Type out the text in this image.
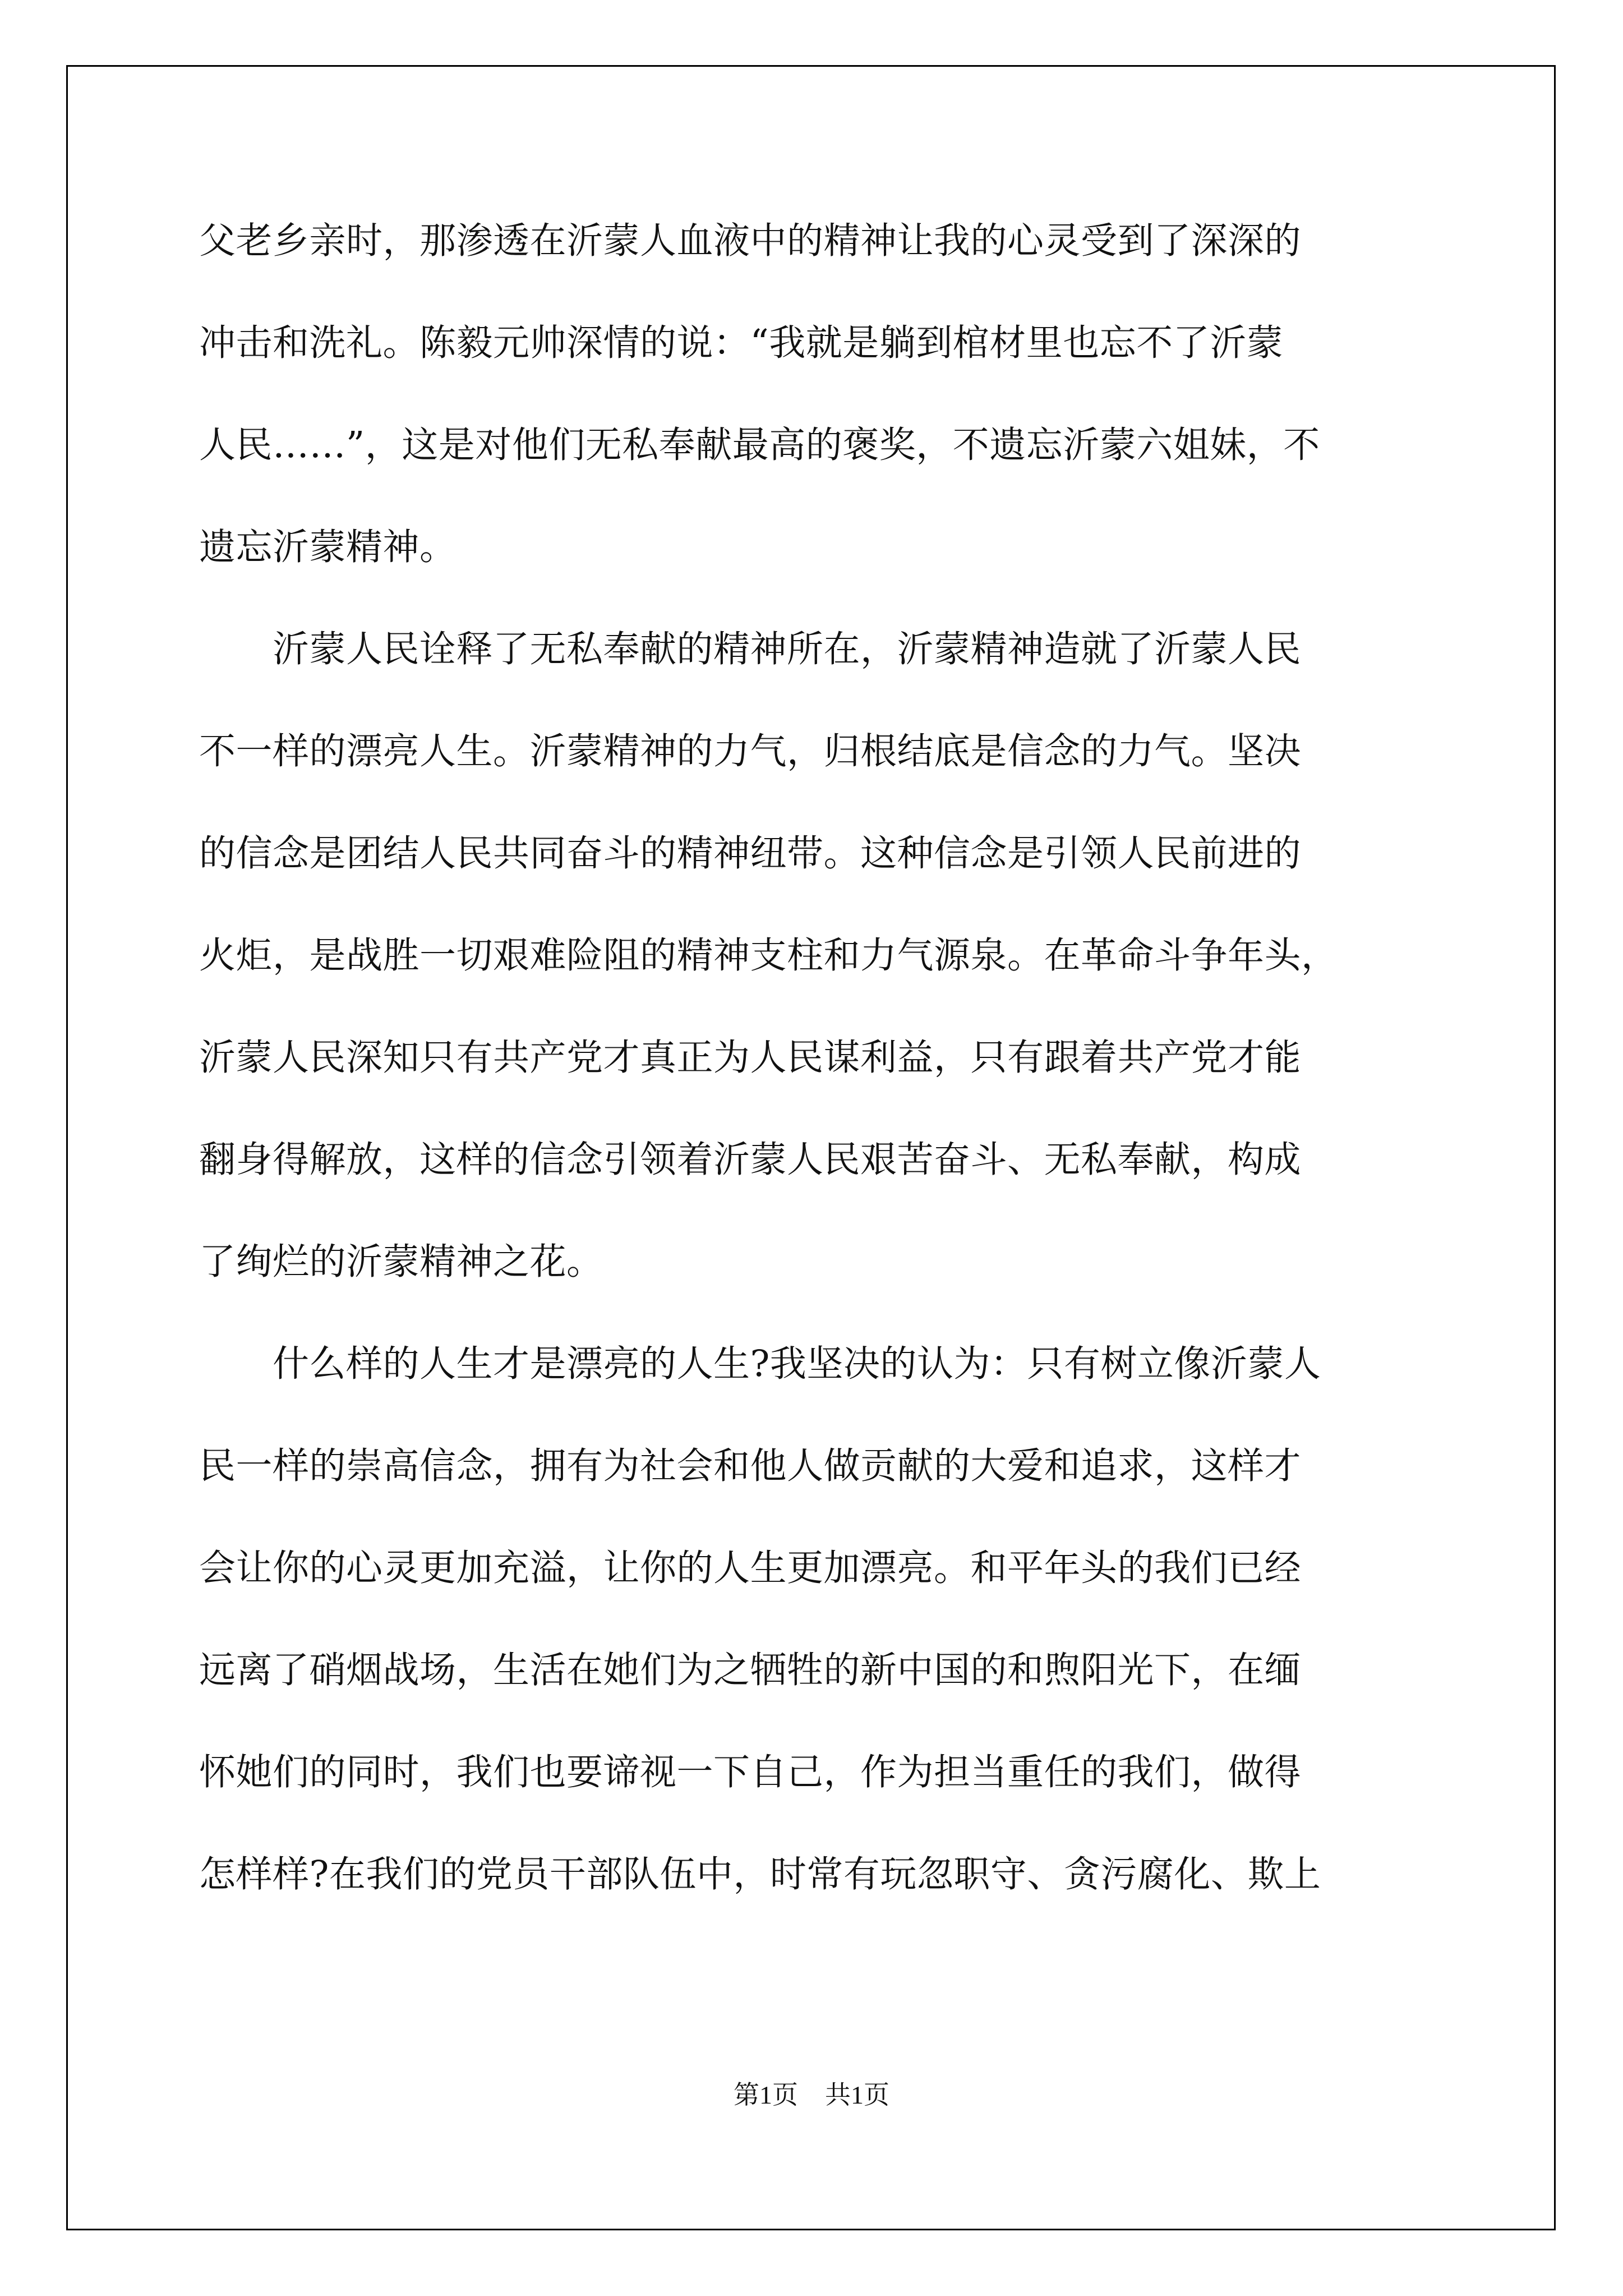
父老乡亲时，那渗透在沂蒙人血液中的精神让我的心灵受到了深深的
冲击和洗礼。陈毅元帅深情的说：“我就是躺到棺材里也忘不了沂蒙
人民……”，这是对他们无私奉献最高的褒奖，不遗忘沂蒙六姐妹，不
遗忘沂蒙精神。
　　沂蒙人民诠释了无私奉献的精神所在，沂蒙精神造就了沂蒙人民
不一样的漂亮人生。沂蒙精神的力气，归根结底是信念的力气。坚决
的信念是团结人民共同奋斗的精神纽带。这种信念是引领人民前进的
火炬，是战胜一切艰难险阻的精神支柱和力气源泉。在革命斗争年头，
沂蒙人民深知只有共产党才真正为人民谋利益，只有跟着共产党才能
翻身得解放，这样的信念引领着沂蒙人民艰苦奋斗、无私奉献，构成
了绚烂的沂蒙精神之花。
　　什么样的人生才是漂亮的人生?我坚决的认为：只有树立像沂蒙人
民一样的崇高信念，拥有为社会和他人做贡献的大爱和追求，这样才
会让你的心灵更加充溢，让你的人生更加漂亮。和平年头的我们已经
远离了硝烟战场，生活在她们为之牺牲的新中国的和煦阳光下，在缅
怀她们的同时，我们也要谛视一下自己，作为担当重任的我们，做得
怎样样?在我们的党员干部队伍中，时常有玩忽职守、贪污腐化、欺上
第1页 共1页
